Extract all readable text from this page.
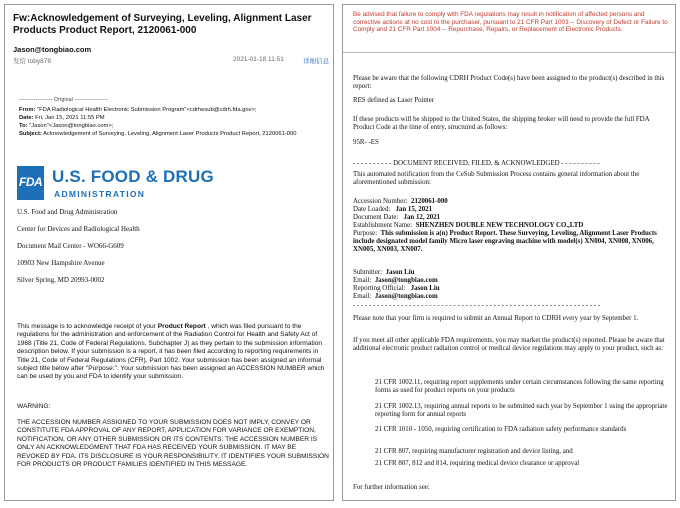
Fw:Acknowledgement of Surveying, Leveling, Alignment Laser Products Product Report, 2120061-000
Jason@tongbiao.com
发给 toby878	2021-01-18 11:51	详细信息
------------------ Original ------------------
From: "FDA Radiological Health Electronic Submission Program"<cdrhesub@cdrh.fda.gov>;
Date: Fri, Jan 15, 2021 11:55 PM
To: "Jason"<Jason@tongbiao.com>;
Subject: Acknowledgement of Surveying, Leveling, Alignment Laser Products Product Report, 2120061-000
FDA U.S. FOOD & DRUG
ADMINISTRATION
U.S. Food and Drug Administration
Center for Devices and Radiological Health
Document Mail Center - WO66-G609
10903 New Hampshire Avenue
Silver Spring, MD 20993-0002
This message is to acknowledge receipt of your Product Report , which was filed pursuant to the regulations for the administration and enforcement of the Radiation Control for Health and Safety Act of 1968 (Title 21, Code of Federal Regulations, Subchapter J) as they pertain to the submission information description below. If your submission is a report, it has been filed according to reporting requirements in Title 21, Code of Federal Regulations (CFR), Part 1002. Your submission has been assigned an informal subject title below after "Purpose:". Your submission has been assigned an ACCESSION NUMBER which can be used by you and FDA to identify your submission.
WARNING:
THE ACCESSION NUMBER ASSIGNED TO YOUR SUBMISSION DOES NOT IMPLY, CONVEY OR CONSTITUTE FDA APPROVAL OF ANY REPORT, APPLICATION FOR VARIANCE OR EXEMPTION, NOTIFICATION, OR ANY OTHER SUBMISSION OR ITS CONTENTS. THE ACCESSION NUMBER IS ONLY AN ACKNOWLEDGMENT THAT FDA HAS RECEIVED YOUR SUBMISSION. IT MAY BE REVOKED BY FDA. ITS DISCLOSURE IS YOUR RESPONSIBILITY. IT IDENTIFIES YOUR SUBMISSION FOR PRODUCTS OR PRODUCT FAMILIES IDENTIFIED IN THIS MESSAGE.
Be advised that failure to comply with FDA regulations may result in notification of affected persons and corrective actions at no cost to the purchaser, pursuant to 21 CFR Part 1003 -- Discovery of Defect or Failure to Comply and 21 CFR Part 1004 -- Repurchase, Repairs, or Replacement of Electronic Products.
Please be aware that the following CDRH Product Code(s) have been assigned to the product(s) described in this report:
RES defined as Laser Pointer
If these products will be shipped to the United States, the shipping broker will need to provide the full FDA Product Code at the time of entry, structured as follows:
95R- -ES
- - - - - - - - - - DOCUMENT RECEIVED, FILED, & ACKNOWLEDGED - - - - - - - - - -
This automated notification from the CeSub Submission Process contains general information about the aforementioned submission:
Accession Number: 2120061-000
Date Loaded: Jan 15, 2021
Document Date: Jan 12, 2021
Establishment Name: SHENZHEN DOUBLE NEW TECHNOLOGY CO.,LTD
Purpose: This submission is a(n) Product Report. These Surveying, Leveling, Alignment Laser Products include designated model family Micro laser engraving machine with model(s) XN004, XN008, XN006, XN005, XN003, XN007.
Submitter: Jason Liu
Email: Jason@tongbiao.com
Reporting Official: Jason Liu
Email: Jason@tongbiao.com
- - - - - - - - - - - - - - - - - - - - - - - - - - - - - - - - - - - - - - - - - - - - - - - - - - - - - - - - - - - - - -
Please note that your firm is required to submit an Annual Report to CDRH every year by September 1.
If you meet all other applicable FDA requirements, you may market the product(s) reported. Please be aware that additional electronic product radiation control or medical device regulations may apply to your product, such as:
21 CFR 1002.11, requiring report supplements under certain circumstances following the same reporting forms as used for product reports on your products
21 CFR 1002.13, requiring annual reports to be submitted each year by September 1 using the appropriate reporting form for annual reports
21 CFR 1010 - 1050, requiring certification to FDA radiation safety performance standards
21 CFR 807, requiring manufacturer registration and device listing, and
21 CFR 807, 812 and 814, requiring medical device clearance or approval
For further information see:
